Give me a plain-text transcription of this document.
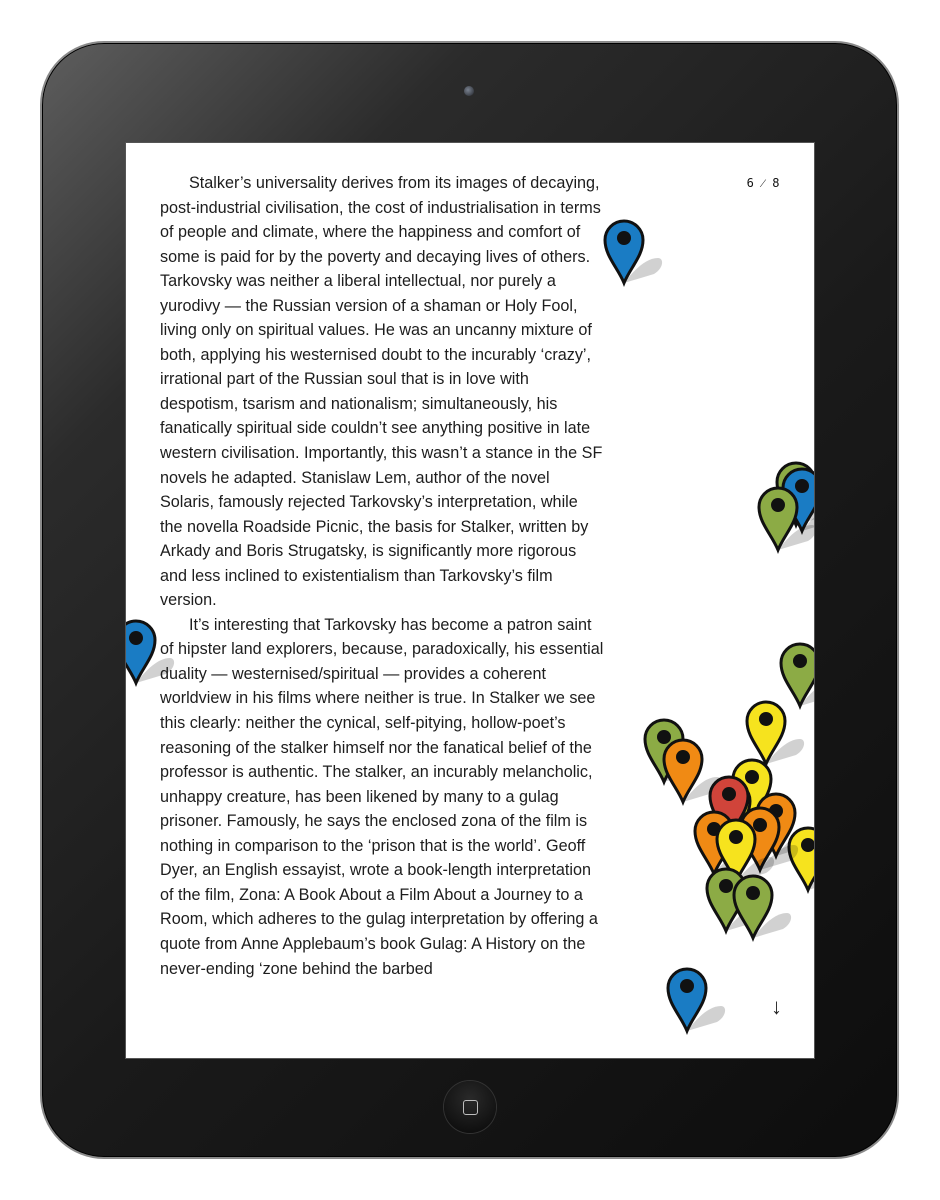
6 ⁄ 8

Stalker’s universality derives from its images of decaying, post-industrial civilisation, the cost of industrialisation in terms of people and climate, where the happiness and comfort of some is paid for by the poverty and decaying lives of others. Tarkovsky was neither a liberal intellectual, nor purely a yurodivy — the Russian version of a shaman or Holy Fool, living only on spiritual values. He was an uncanny mixture of both, applying his westernised doubt to the incurably ‘crazy’, irrational part of the Russian soul that is in love with despotism, tsarism and nationalism; simultaneously, his fanatically spiritual side couldn’t see anything positive in late western civilisation. Importantly, this wasn’t a stance in the SF novels he adapted. Stanislaw Lem, author of the novel Solaris, famously rejected Tarkovsky’s interpretation, while the novella Roadside Picnic, the basis for Stalker, written by Arkady and Boris Strugatsky, is significantly more rigorous and less inclined to existentialism than Tarkovsky’s film version.

It’s interesting that Tarkovsky has become a patron saint of hipster land explorers, because, paradoxically, his essential duality — westernised/spiritual — provides a coherent worldview in his films where neither is true. In Stalker we see this clearly: neither the cynical, self-pitying, hollow-poet’s reasoning of the stalker himself nor the fanatical belief of the professor is authentic. The stalker, an incurably melancholic, unhappy creature, has been likened by many to a gulag prisoner. Famously, he says the enclosed zona of the film is nothing in comparison to the ‘prison that is the world’. Geoff Dyer, an English essayist, wrote a book-length interpretation of the film, Zona: A Book About a Film About a Journey to a Room, which adheres to the gulag interpretation by offering a quote from Anne Applebaum’s book Gulag: A History on the never-ending ‘zone behind the barbed

↓
